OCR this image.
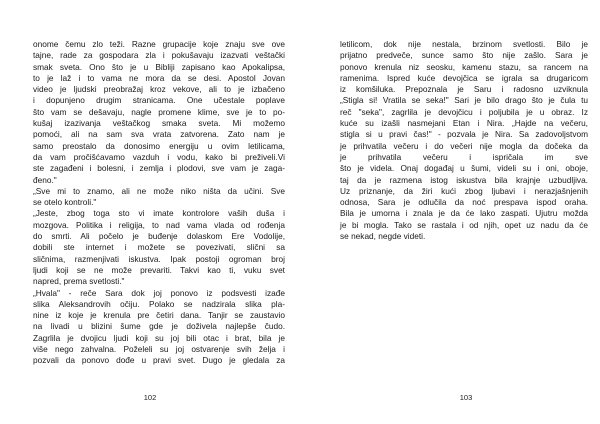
onome čemu zlo teži. Razne grupacije koje znaju sve ove
tajne, rade za gospodara zla i pokušavaju izazvati veštački
smak sveta. Ono što je u Bibliji zapisano kao Apokalipsa,
to je laž i to vama ne mora da se desi. Apostol Jovan
video je ljudski preobražaj kroz vekove, ali to je izbačeno
i dopunjeno drugim stranicama. One učestale poplave
što vam se dešavaju, nagle promene klime, sve je to po-
kušaj izazivanja veštačkog smaka sveta. Mi možemo
pomoći, ali na sam sva vrata zatvorena. Zato nam je
samo preostalo da donosimo energiju u ovim letilicama,
da vam pročišćavamo vazduh i vodu, kako bi preživeli.Vi
ste zagađeni i bolesni, i zemlja i plodovi, sve vam je zaga-
đeno."
„Sve mi to znamo, ali ne može niko ništa da učini. Sve
se otelo kontroli."
„Jeste, zbog toga sto vi imate kontrolore vaših duša i
mozgova. Politika i religija, to nad vama vlada od rođenja
do smrti. Ali počelo je buđenje dolaskom Ere Vodolije,
dobili ste internet i možete se povezivati, slični sa
sličnima, razmenjivati iskustva. Ipak postoji ogroman broj
ljudi koji se ne može prevariti. Takvi kao ti, vuku svet
napred, prema svetlosti."
„Hvala" - reče Sara dok joj ponovo iz podsvesti izađe
slika Aleksandrovih očiju. Polako se nadzirala slika pla-
nine iz koje je krenula pre četiri dana. Tanjir se zaustavio
na livadi u blizini šume gde je doživela najlepše čudo.
Zagrlila je dvojicu ljudi koji su joj bili otac i brat, bila je
više nego zahvalna. Poželeli su joj ostvarenje svih želja i
pozvali da ponovo dođe u pravi svet. Dugo je gledala za
102	103
letilicom, dok nije nestala, brzinom svetlosti. Bilo je
prijatno predveče, sunce samo što nije zašlo. Sara je
ponovo krenula niz seosku, kamenu stazu, sa rancem na
ramenima. Ispred kuće devojčica se igrala sa drugaricom
iz komšiluka. Prepoznala je Saru i radosno uzviknula
„Stigla si! Vratila se seka!" Sari je bilo drago što je čula tu
reč "seka", zagrlila je devojčicu i poljubila je u obraz. Iz
kuće su izašli nasmejani Etan i Nira. „Hajde na večeru,
stigla si u pravi čas!" - pozvala je Nira. Sa zadovoljstvom
je prihvatila večeru i do večeri nije mogla da dočeka da
je prihvatila večeru i ispričala im sve
što je videla. Onaj događaj u šumi, videli su i oni, oboje,
taj da je razmena istog iskustva bila krajnje uzbudljiva.
Uz priznanje, da žiri kući zbog ljubavi i nerazjašnjenih
odnosa, Sara je odlučila da noć prespava ispod oraha.
Bila je umorna i znala je da će lako zaspati. Ujutru možda
je bi mogla. Tako se rastala i od njih, opet uz nadu da će
se nekad, negde videti.
